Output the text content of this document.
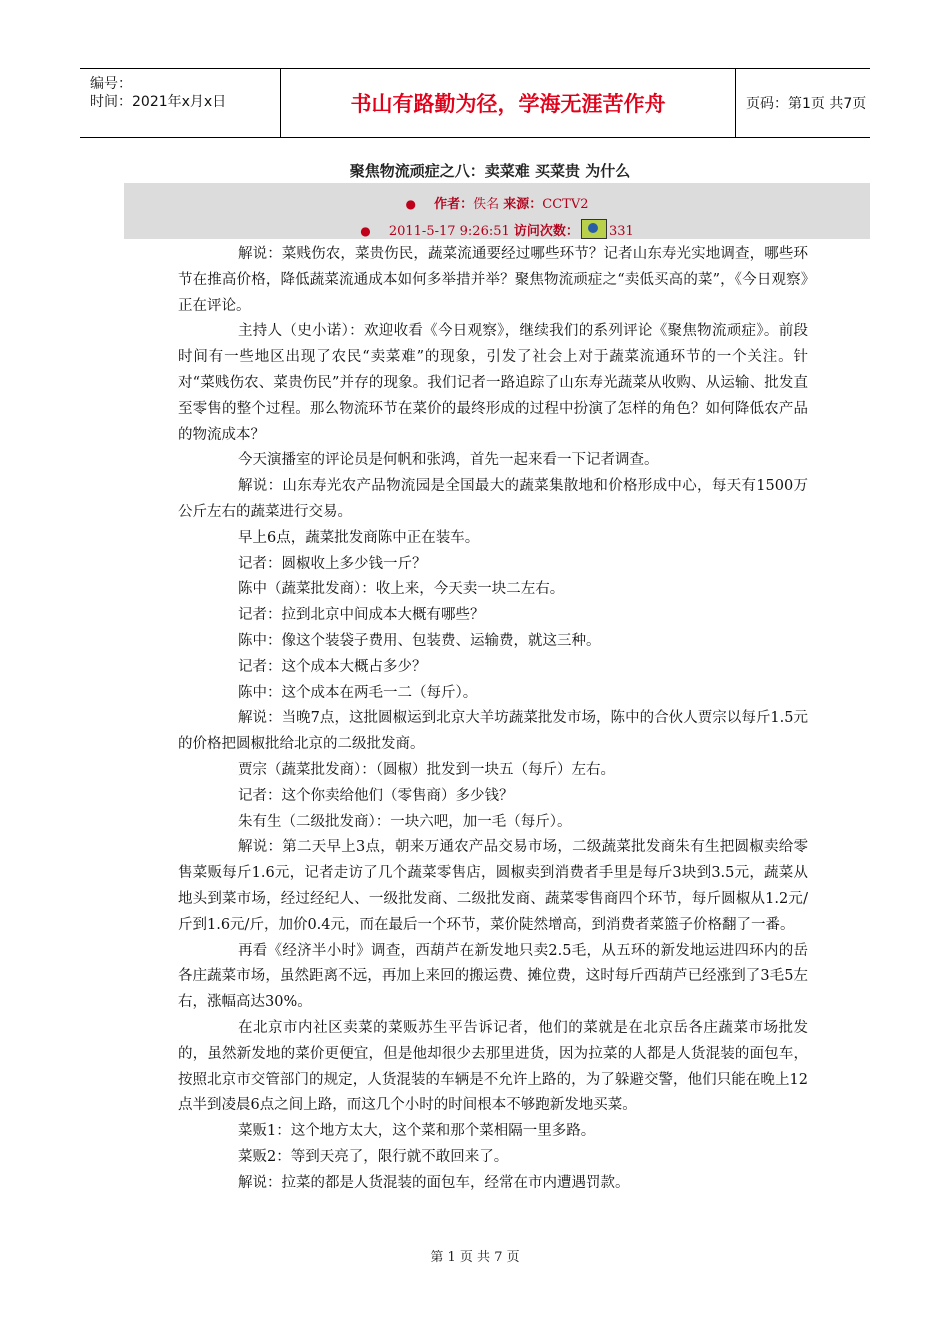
编号：
时间：2021年x月x日	书山有路勤为径，学海无涯苦作舟	页码：第1页 共7页
聚焦物流顽症之八：卖菜难 买菜贵 为什么
● 作者：佚名 来源：CCTV2
● 2011-5-17 9:26:51 访问次数： 331

解说：菜贱伤农，菜贵伤民，蔬菜流通要经过哪些环节？记者山东寿光实地调查，哪些环节在推高价格，降低蔬菜流通成本如何多举措并举？聚焦物流顽症之“卖低买高的菜”，《今日观察》正在评论。

主持人（史小诺）：欢迎收看《今日观察》，继续我们的系列评论《聚焦物流顽症》。前段时间有一些地区出现了农民“卖菜难”的现象，引发了社会上对于蔬菜流通环节的一个关注。针对“菜贱伤农、菜贵伤民”并存的现象。我们记者一路追踪了山东寿光蔬菜从收购、从运输、批发直至零售的整个过程。那么物流环节在菜价的最终形成的过程中扮演了怎样的角色？如何降低农产品的物流成本？

今天演播室的评论员是何帆和张鸿，首先一起来看一下记者调查。

解说：山东寿光农产品物流园是全国最大的蔬菜集散地和价格形成中心，每天有1500万公斤左右的蔬菜进行交易。

早上6点，蔬菜批发商陈中正在装车。

记者：圆椒收上多少钱一斤？

陈中（蔬菜批发商）：收上来，今天卖一块二左右。

记者：拉到北京中间成本大概有哪些？

陈中：像这个装袋子费用、包装费、运输费，就这三种。

记者：这个成本大概占多少？

陈中：这个成本在两毛一二（每斤）。

解说：当晚7点，这批圆椒运到北京大羊坊蔬菜批发市场，陈中的合伙人贾宗以每斤1.5元的价格把圆椒批给北京的二级批发商。

贾宗（蔬菜批发商）：（圆椒）批发到一块五（每斤）左右。

记者：这个你卖给他们（零售商）多少钱？

朱有生（二级批发商）：一块六吧，加一毛（每斤）。

解说：第二天早上3点，朝来万通农产品交易市场，二级蔬菜批发商朱有生把圆椒卖给零售菜贩每斤1.6元，记者走访了几个蔬菜零售店，圆椒卖到消费者手里是每斤3块到3.5元，蔬菜从地头到菜市场，经过经纪人、一级批发商、二级批发商、蔬菜零售商四个环节，每斤圆椒从1.2元/斤到1.6元/斤，加价0.4元，而在最后一个环节，菜价陡然增高，到消费者菜篮子价格翻了一番。

再看《经济半小时》调查，西葫芦在新发地只卖2.5毛，从五环的新发地运进四环内的岳各庄蔬菜市场，虽然距离不远，再加上来回的搬运费、摊位费，这时每斤西葫芦已经涨到了3毛5左右，涨幅高达30%。

在北京市内社区卖菜的菜贩苏生平告诉记者，他们的菜就是在北京岳各庄蔬菜市场批发的，虽然新发地的菜价更便宜，但是他却很少去那里进货，因为拉菜的人都是人货混装的面包车，按照北京市交管部门的规定，人货混装的车辆是不允许上路的，为了躲避交警，他们只能在晚上12点半到凌晨6点之间上路，而这几个小时的时间根本不够跑新发地买菜。

菜贩1：这个地方太大，这个菜和那个菜相隔一里多路。

菜贩2：等到天亮了，限行就不敢回来了。

解说：拉菜的都是人货混装的面包车，经常在市内遭遇罚款。

第 1 页 共 7 页
